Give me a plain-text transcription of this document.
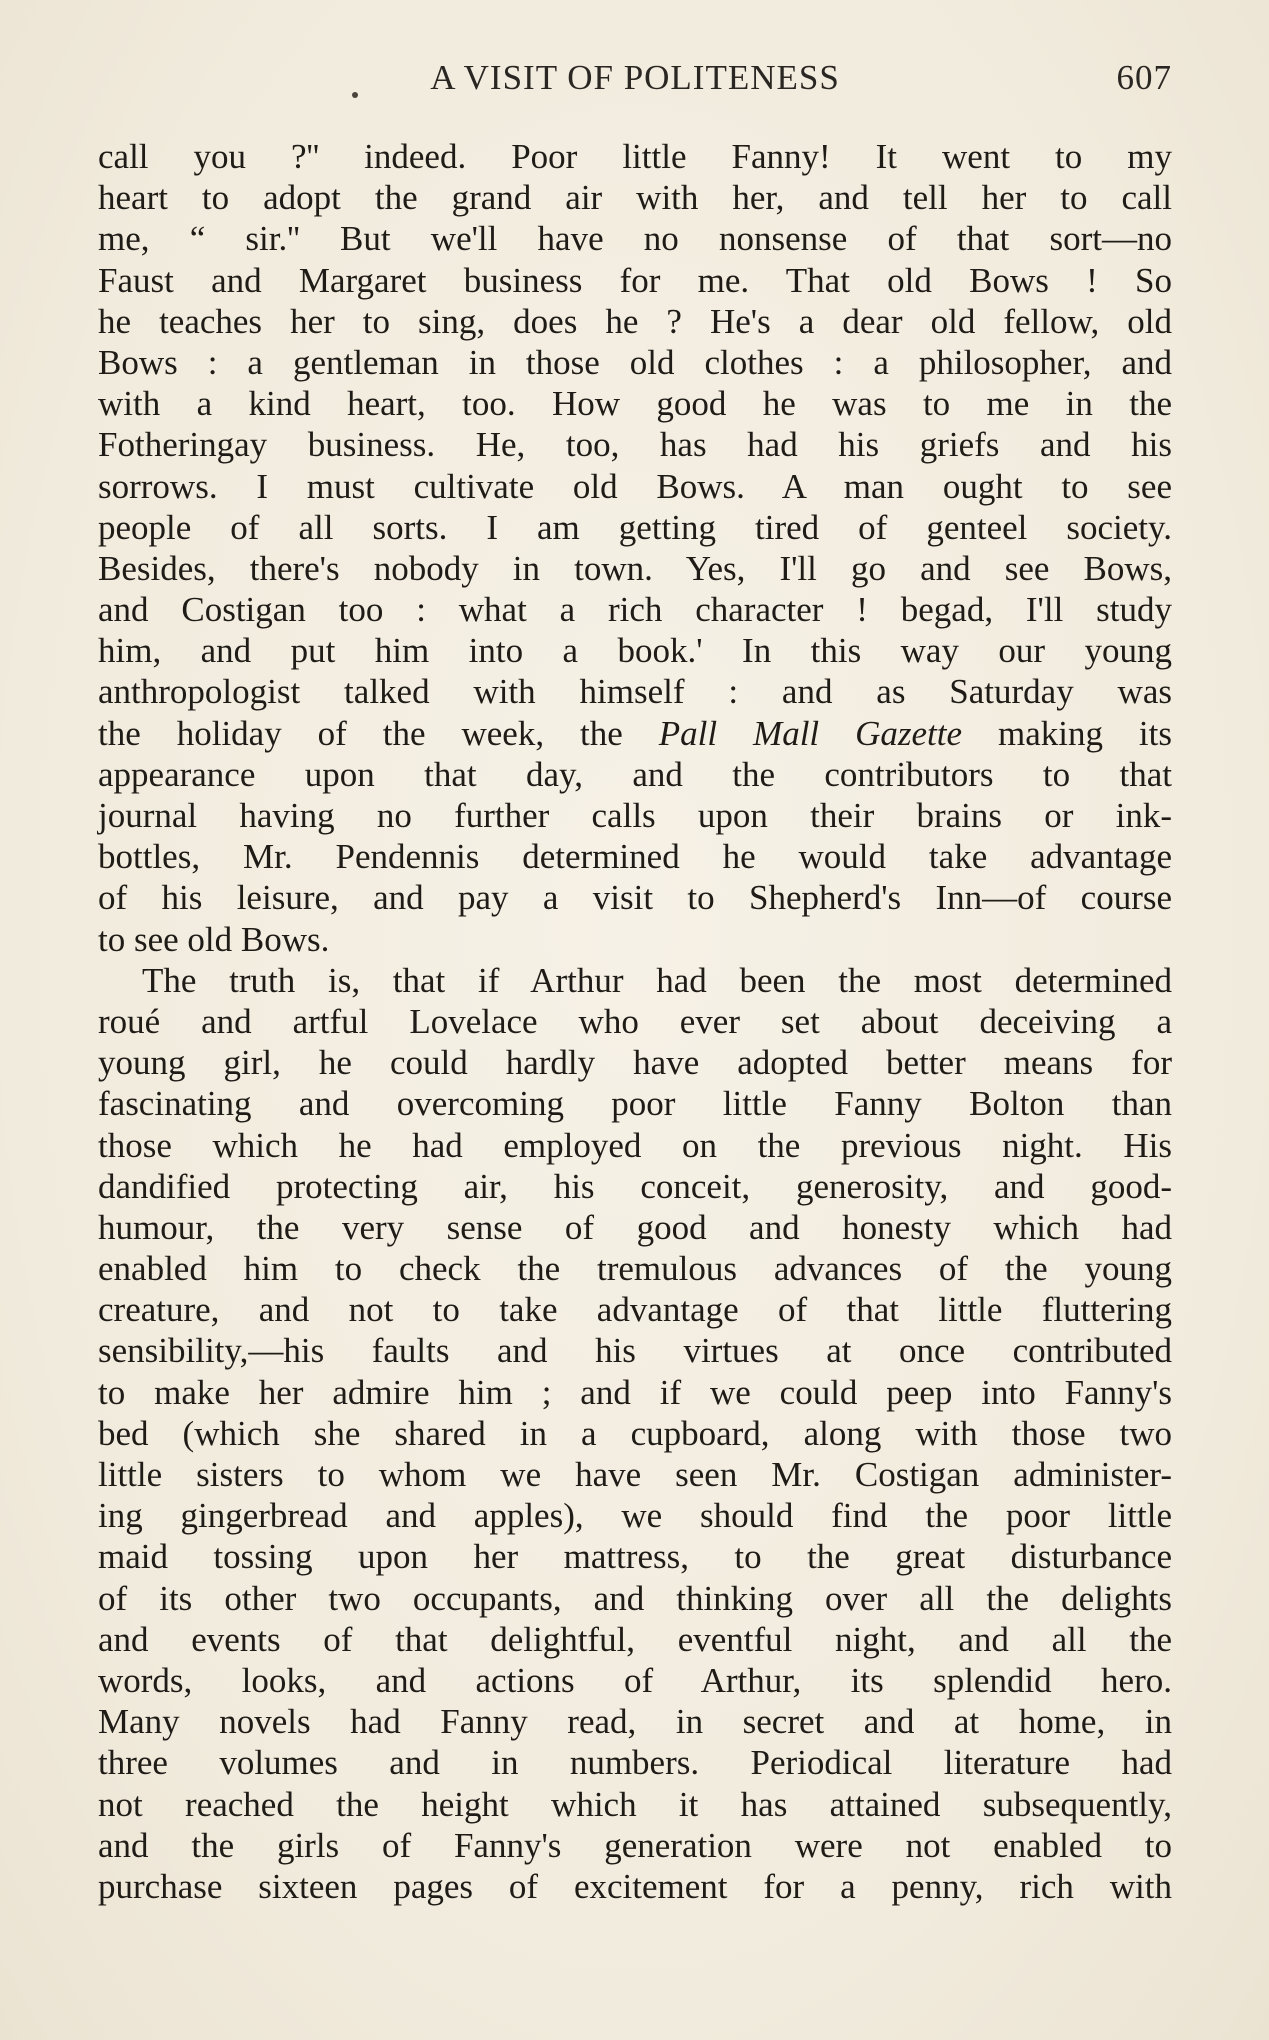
A VISIT OF POLITENESS	607
call you ?'' indeed. Poor little Fanny! It went to my
heart to adopt the grand air with her, and tell her to call
me, “ sir.'' But we'll have no nonsense of that sort—no
Faust and Margaret business for me. That old Bows ! So
he teaches her to sing, does he ? He's a dear old fellow, old
Bows : a gentleman in those old clothes : a philosopher, and
with a kind heart, too. How good he was to me in the
Fotheringay business. He, too, has had his griefs and his
sorrows. I must cultivate old Bows. A man ought to see
people of all sorts. I am getting tired of genteel society.
Besides, there's nobody in town. Yes, I'll go and see Bows,
and Costigan too : what a rich character ! begad, I'll study
him, and put him into a book.' In this way our young
anthropologist talked with himself : and as Saturday was
the holiday of the week, the Pall Mall Gazette making its
appearance upon that day, and the contributors to that
journal having no further calls upon their brains or ink-
bottles, Mr. Pendennis determined he would take advantage
of his leisure, and pay a visit to Shepherd's Inn—of course
to see old Bows.
The truth is, that if Arthur had been the most determined
roué and artful Lovelace who ever set about deceiving a
young girl, he could hardly have adopted better means for
fascinating and overcoming poor little Fanny Bolton than
those which he had employed on the previous night. His
dandified protecting air, his conceit, generosity, and good-
humour, the very sense of good and honesty which had
enabled him to check the tremulous advances of the young
creature, and not to take advantage of that little fluttering
sensibility,—his faults and his virtues at once contributed
to make her admire him ; and if we could peep into Fanny's
bed (which she shared in a cupboard, along with those two
little sisters to whom we have seen Mr. Costigan administer-
ing gingerbread and apples), we should find the poor little
maid tossing upon her mattress, to the great disturbance
of its other two occupants, and thinking over all the delights
and events of that delightful, eventful night, and all the
words, looks, and actions of Arthur, its splendid hero.
Many novels had Fanny read, in secret and at home, in
three volumes and in numbers. Periodical literature had
not reached the height which it has attained subsequently,
and the girls of Fanny's generation were not enabled to
purchase sixteen pages of excitement for a penny, rich with
